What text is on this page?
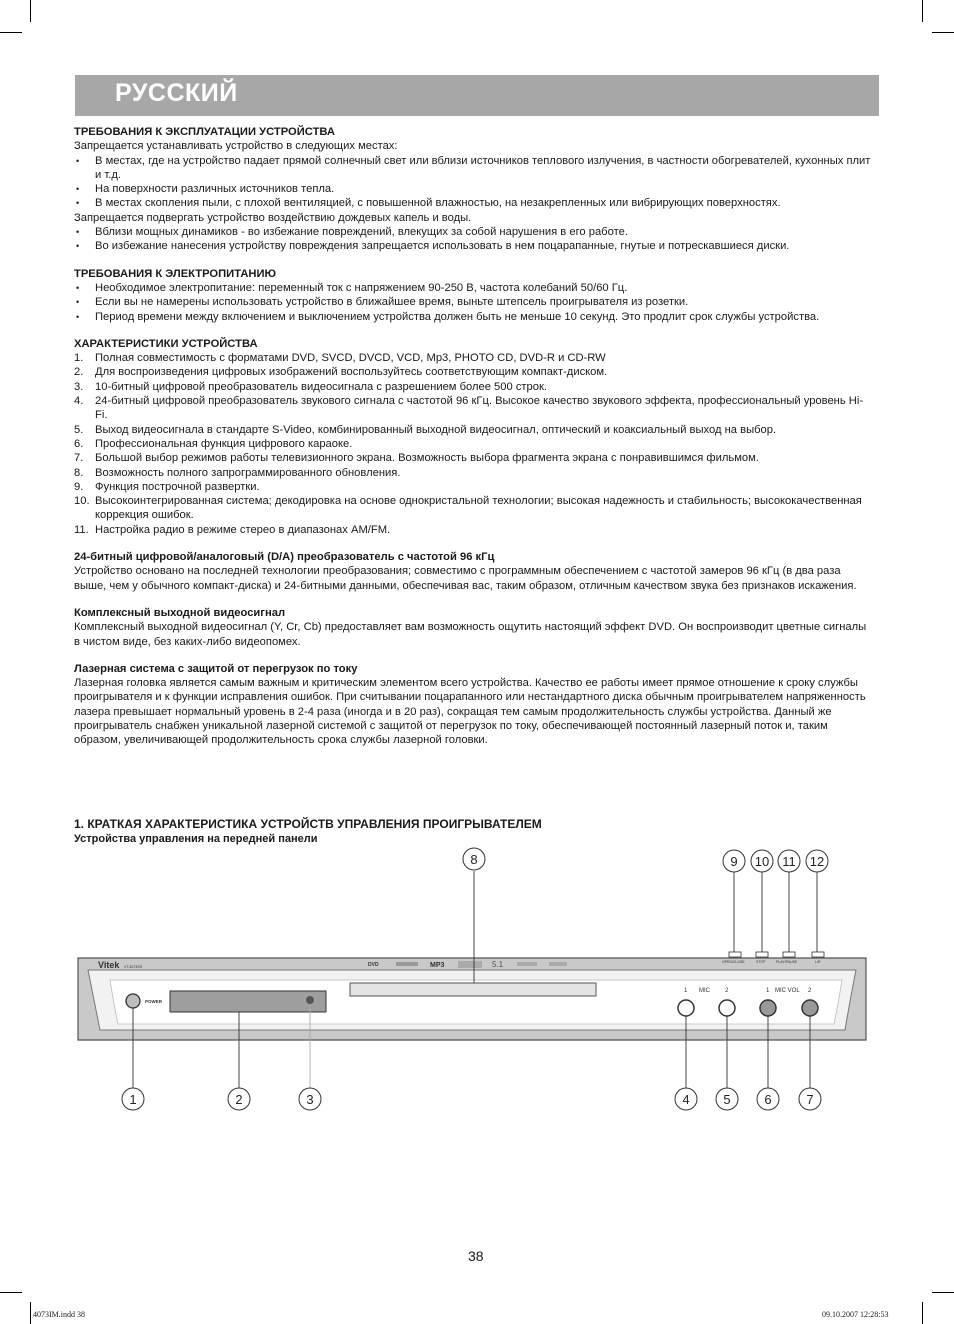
РУССКИЙ
ТРЕБОВАНИЯ К ЭКСПЛУАТАЦИИ УСТРОЙСТВА

Запрещается устанавливать устройство в следующих местах:

• В местах, где на устройство падает прямой солнечный свет или вблизи источников теплового излучения, в частности обогревателей, кухонных плит и т.д.
• На поверхности различных источников тепла.
• В местах скопления пыли, с плохой вентиляцией, с повышенной влажностью, на незакрепленных или вибрирующих поверхностях.

Запрещается подвергать устройство воздействию дождевых капель и воды.

• Вблизи мощных динамиков - во избежание повреждений, влекущих за собой нарушения в его работе.
• Во избежание нанесения устройству повреждения запрещается использовать в нем поцарапанные, гнутые и потрескавшиеся диски.
ТРЕБОВАНИЯ К ЭЛЕКТРОПИТАНИЮ
• Необходимое электропитание: переменный ток с напряжением 90-250 В, частота колебаний 50/60 Гц.
• Если вы не намерены использовать устройство в ближайшее время, выньте штепсель проигрывателя из розетки.
• Период времени между включением и выключением устройства должен быть не меньше 10 секунд. Это продлит срок службы устройства.
ХАРАКТЕРИСТИКИ УСТРОЙСТВА
1. Полная совместимость с форматами DVD, SVCD, DVCD, VCD, Mp3, PHOTO CD, DVD-R и CD-RW
2. Для воспроизведения цифровых изображений воспользуйтесь соответствующим компакт-диском.
3. 10-битный цифровой преобразователь видеосигнала с разрешением более 500 строк.
4. 24-битный цифровой преобразователь звукового сигнала с частотой 96 кГц. Высокое качество звукового эффекта, профессиональный уровень Hi-Fi.
5. Выход видеосигнала в стандарте S-Video, комбинированный выходной видеосигнал, оптический и коаксиальный выход на выбор.
6. Профессиональная функция цифрового караоке.
7. Большой выбор режимов работы телевизионного экрана. Возможность выбора фрагмента экрана с понравившимся фильмом.
8. Возможность полного запрограммированного обновления.
9. Функция построчной развертки.
10. Высокоинтегрированная система; декодировка на основе однокристальной технологии; высокая надежность и стабильность; высококачественная коррекция ошибок.
11. Настройка радио в режиме стерео в диапазонах AM/FM.
24-битный цифровой/аналоговый (D/A) преобразователь с частотой 96 кГц

Устройство основано на последней технологии преобразования; совместимо с программным обеспечением с частотой замеров 96 кГц (в два раза выше, чем у обычного компакт-диска) и 24-битными данными, обеспечивая вас, таким образом, отличным качеством звука без признаков искажения.

Комплексный выходной видеосигнал

Комплексный выходной видеосигнал (Y, Cr, Cb) предоставляет вам возможность ощутить настоящий эффект DVD. Он воспроизводит цветные сигналы в чистом виде, без каких-либо видеопомех.

Лазерная система с защитой от перегрузок по току

Лазерная головка является самым важным и критическим элементом всего устройства. Качество ее работы имеет прямое отношение к сроку службы проигрывателя и к функции исправления ошибок. При считывании поцарапанного или нестандартного диска обычным проигрывателем напряженность лазера превышает нормальный уровень в 2-4 раза (иногда и в 20 раз), сокращая тем самым продолжительность службы устройства. Данный же проигрыватель снабжен уникальной лазерной системой с защитой от перегрузок по току, обеспечивающей постоянный лазерный поток и, таким образом, увеличивающей продолжительность срока службы лазерной головки.

1. КРАТКАЯ ХАРАКТЕРИСТИКА УСТРОЙСТВ УПРАВЛЕНИЯ ПРОИГРЫВАТЕЛЕМ
Устройства управления на передней панели
Vitek VT-4073SR	DVD	MP3	5.1
POWER
OPEN/CLOSE	STOP	PLAY/PAUSE	L/R
1 MIC	2	1 MIC VOL 2
8	9 10 11 12
1	2	3	4	5	6	7
38
4073IM.indd 38	09.10.2007 12:28:53
